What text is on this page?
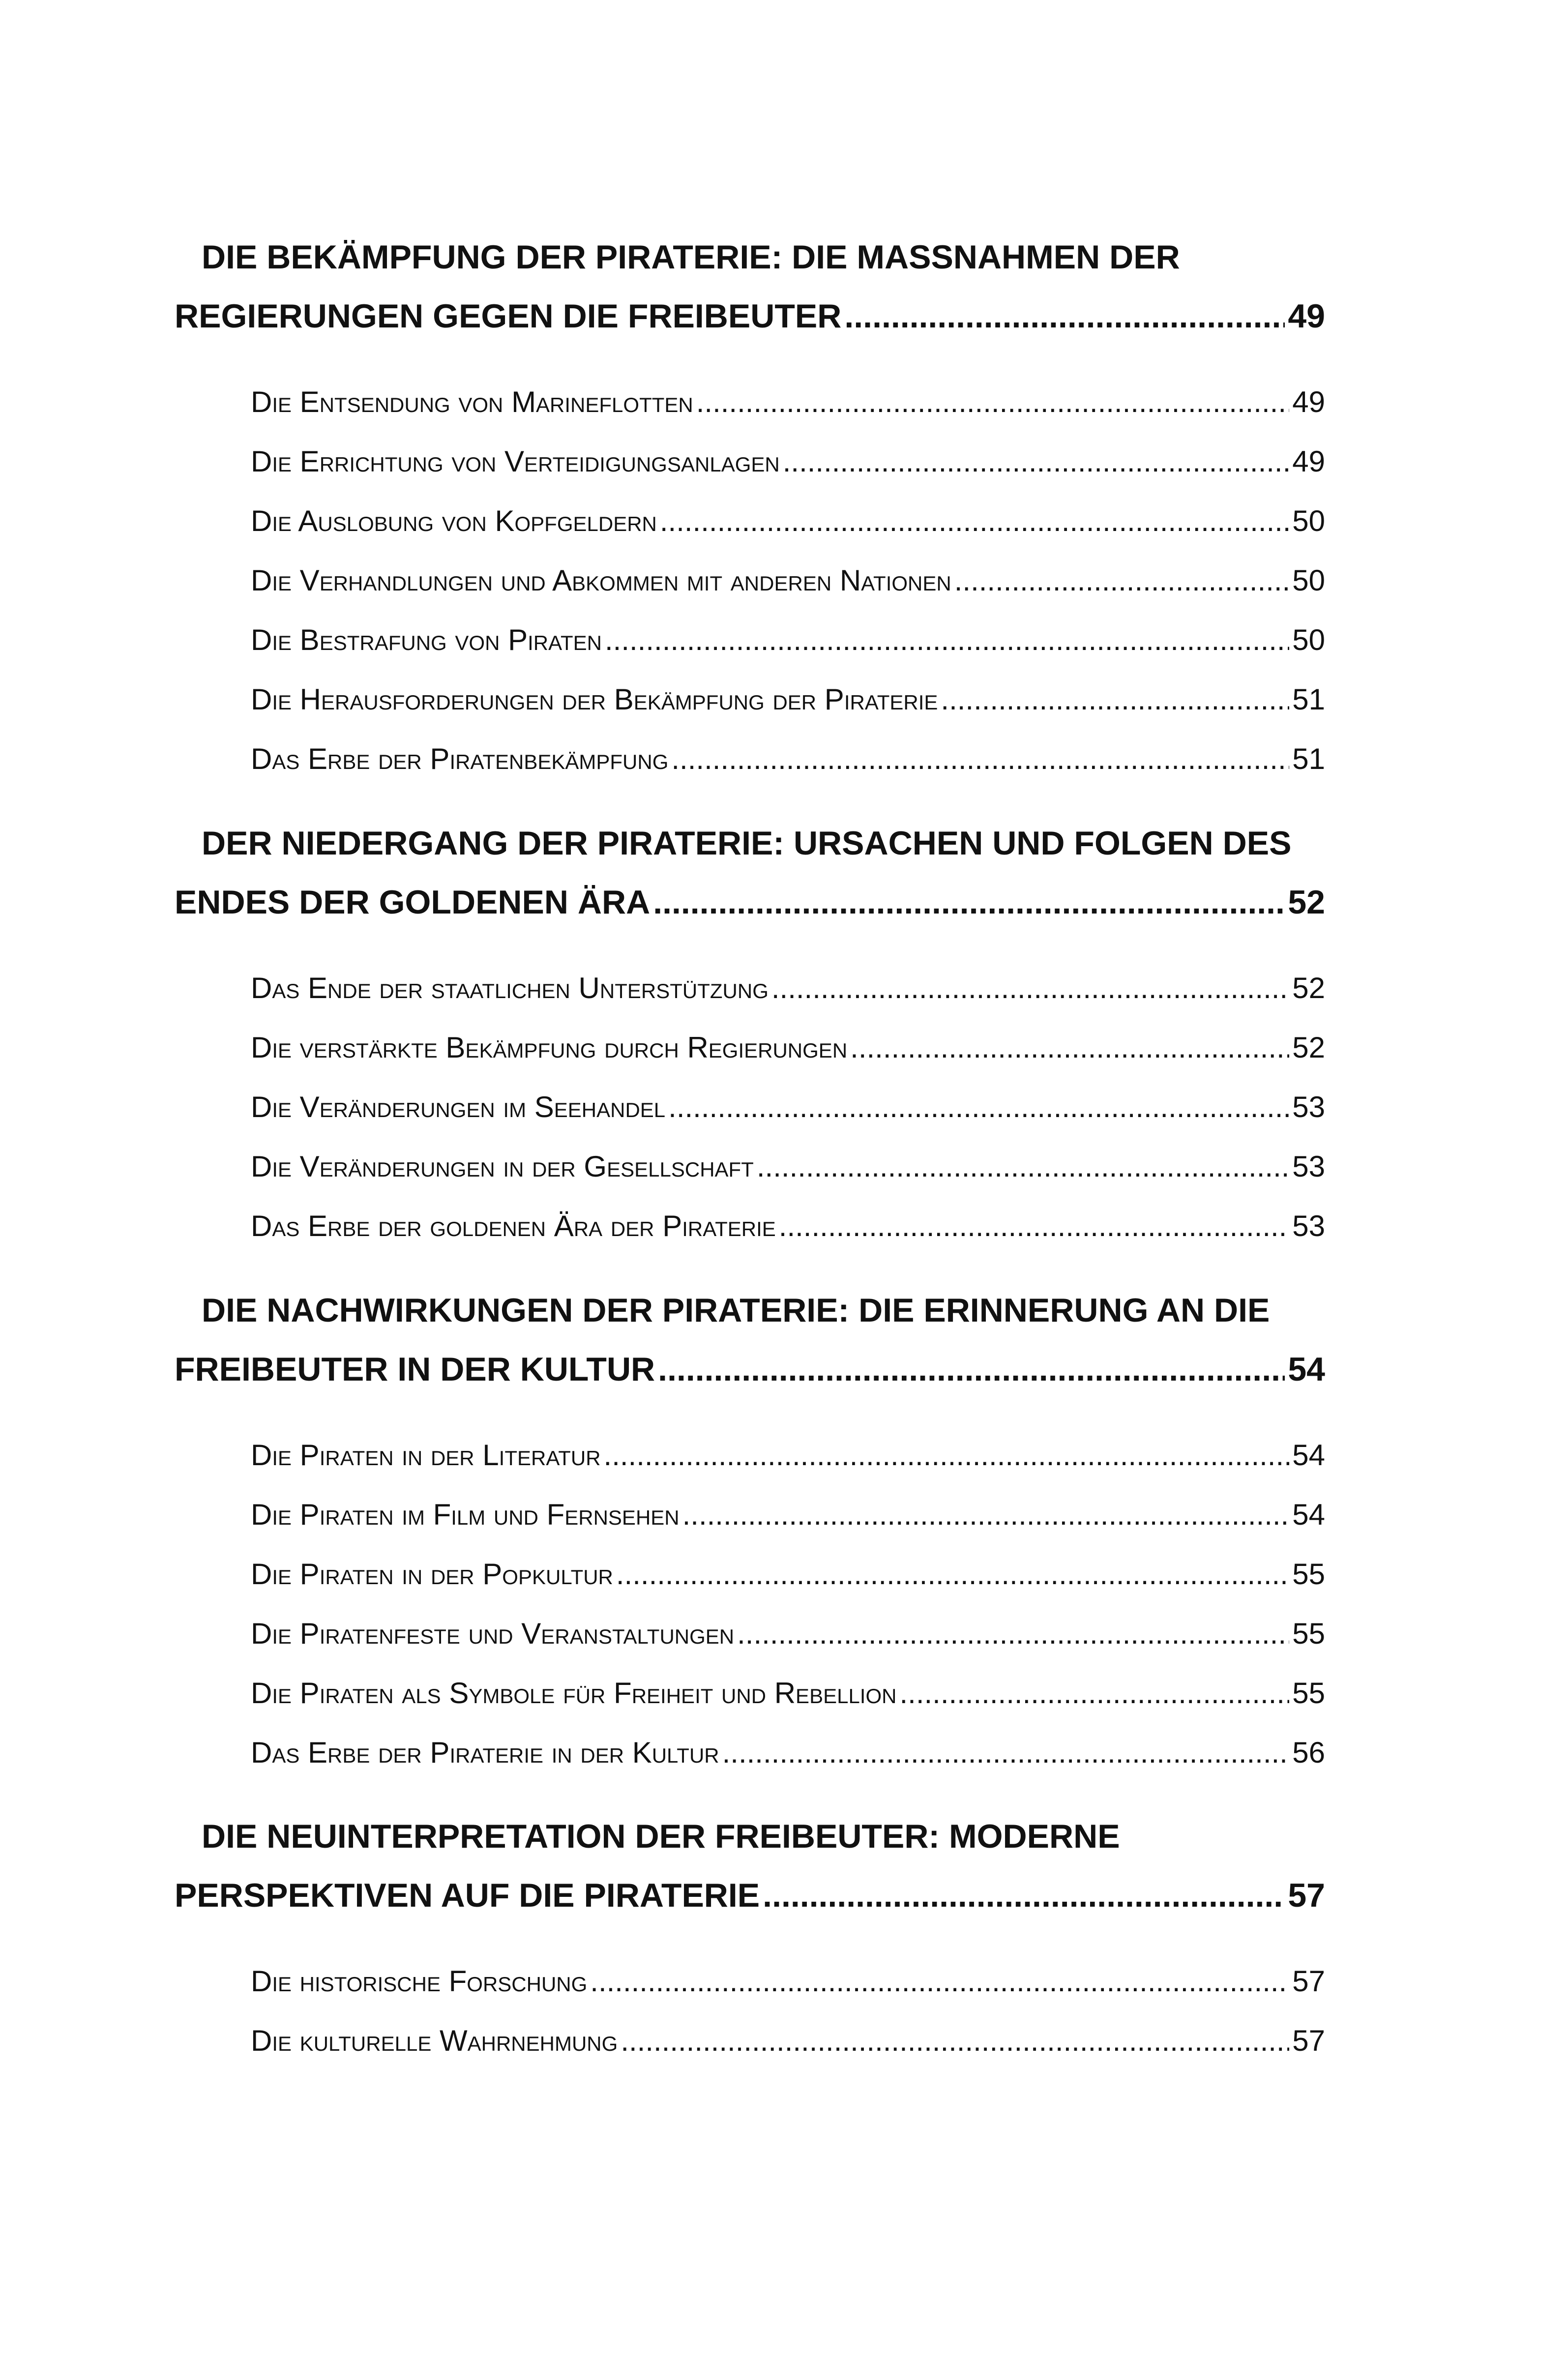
DIE BEKÄMPFUNG DER PIRATERIE: DIE MASSNAHMEN DER
REGIERUNGEN GEGEN DIE FREIBEUTER .....	49
Die Entsendung von Marineflotten .....	49
Die Errichtung von Verteidigungsanlagen .....	49
Die Auslobung von Kopfgeldern .....	50
Die Verhandlungen und Abkommen mit anderen Nationen .....	50
Die Bestrafung von Piraten .....	50
Die Herausforderungen der Bekämpfung der Piraterie .....	51
Das Erbe der Piratenbekämpfung .....	51
DER NIEDERGANG DER PIRATERIE: URSACHEN UND FOLGEN DES
ENDES DER GOLDENEN ÄRA .....	52
Das Ende der staatlichen Unterstützung .....	52
Die verstärkte Bekämpfung durch Regierungen .....	52
Die Veränderungen im Seehandel .....	53
Die Veränderungen in der Gesellschaft .....	53
Das Erbe der goldenen Ära der Piraterie .....	53
DIE NACHWIRKUNGEN DER PIRATERIE: DIE ERINNERUNG AN DIE
FREIBEUTER IN DER KULTUR .....	54
Die Piraten in der Literatur .....	54
Die Piraten im Film und Fernsehen .....	54
Die Piraten in der Popkultur .....	55
Die Piratenfeste und Veranstaltungen .....	55
Die Piraten als Symbole für Freiheit und Rebellion .....	55
Das Erbe der Piraterie in der Kultur .....	56
DIE NEUINTERPRETATION DER FREIBEUTER: MODERNE
PERSPEKTIVEN AUF DIE PIRATERIE .....	57
Die historische Forschung .....	57
Die kulturelle Wahrnehmung .....	57
